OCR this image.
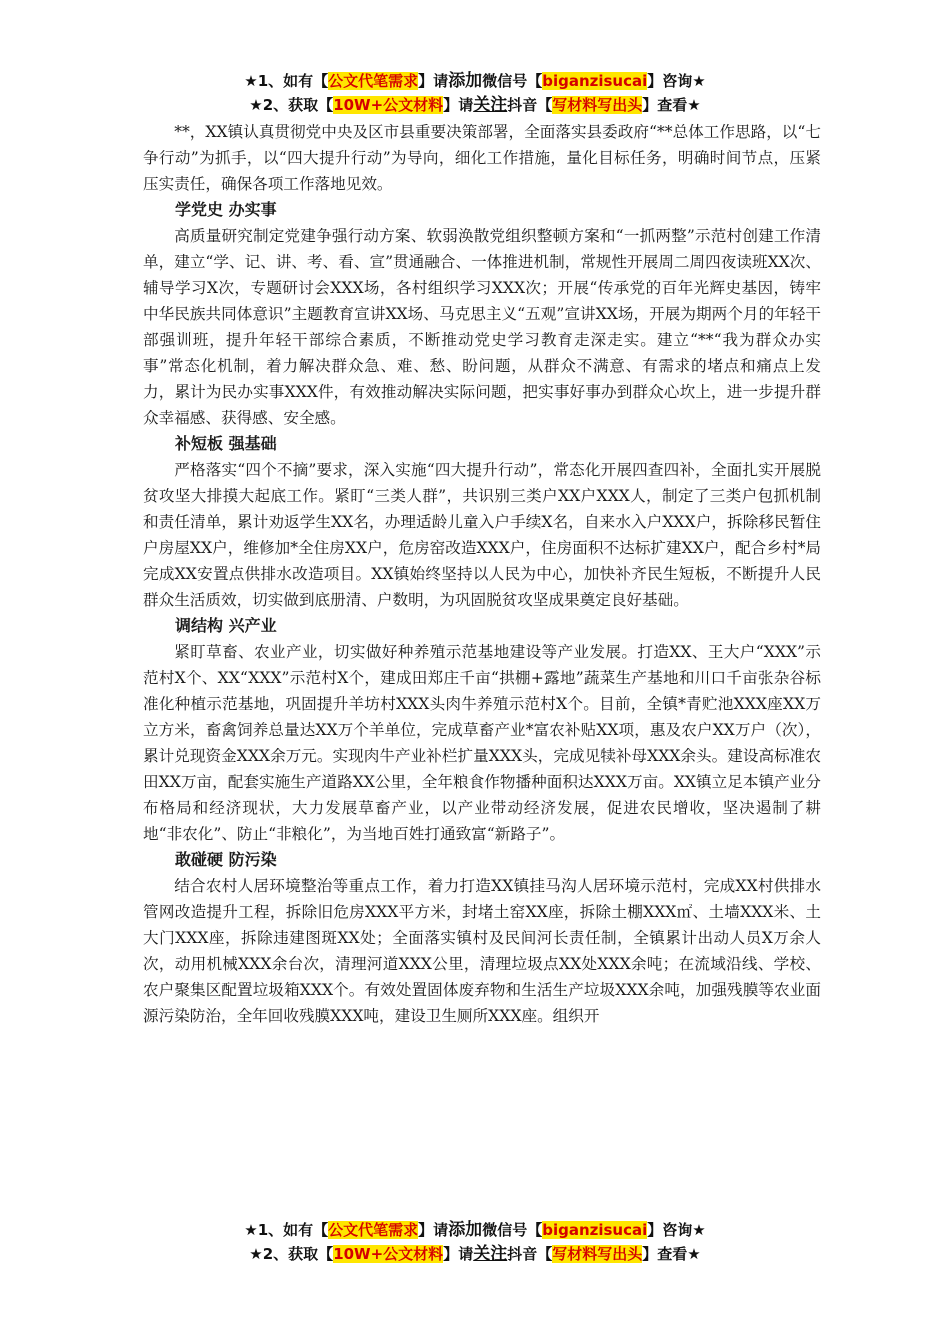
★1、如有【公文代笔需求】请添加微信号【biganzisucai】咨询★
★2、获取【10W+公文材料】请关注抖音【写材料写出头】查看★

**，XX镇认真贯彻党中央及区市县重要决策部署，全面落实县委政府“**总体工作思路，以“七争行动”为抓手，以“四大提升行动”为导向，细化工作措施，量化目标任务，明确时间节点，压紧压实责任，确保各项工作落地见效。

学党史 办实事

高质量研究制定党建争强行动方案、软弱涣散党组织整顿方案和“一抓两整”示范村创建工作清单，建立“学、记、讲、考、看、宣”贯通融合、一体推进机制，常规性开展周二周四夜读班XX次、辅导学习X次，专题研讨会XXX场，各村组织学习XXX次；开展“传承党的百年光辉史基因，铸牢中华民族共同体意识”主题教育宣讲XX场、马克思主义“五观”宣讲XX场，开展为期两个月的年轻干部强训班，提升年轻干部综合素质，不断推动党史学习教育走深走实。建立“**“我为群众办实事”常态化机制，着力解决群众急、难、愁、盼问题，从群众不满意、有需求的堵点和痛点上发力，累计为民办实事XXX件，有效推动解决实际问题，把实事好事办到群众心坎上，进一步提升群众幸福感、获得感、安全感。

补短板 强基础

严格落实“四个不摘”要求，深入实施“四大提升行动”，常态化开展四查四补，全面扎实开展脱贫攻坚大排摸大起底工作。紧盯“三类人群”，共识别三类户XX户XXX人，制定了三类户包抓机制和责任清单，累计劝返学生XX名，办理适龄儿童入户手续X名，自来水入户XXX户，拆除移民暂住户房屋XX户，维修加*全住房XX户，危房窑改造XXX户，住房面积不达标扩建XX户，配合乡村*局完成XX安置点供排水改造项目。XX镇始终坚持以人民为中心，加快补齐民生短板，不断提升人民群众生活质效，切实做到底册清、户数明，为巩固脱贫攻坚成果奠定良好基础。

调结构 兴产业

紧盯草畜、农业产业，切实做好种养殖示范基地建设等产业发展。打造XX、王大户“XXX”示范村X个、XX“XXX”示范村X个，建成田郑庄千亩“拱棚+露地”蔬菜生产基地和川口千亩张杂谷标准化种植示范基地，巩固提升羊坊村XXX头肉牛养殖示范村X个。目前，全镇*青贮池XXX座XX万立方米，畜禽饲养总量达XX万个羊单位，完成草畜产业*富农补贴XX项，惠及农户XX万户（次），累计兑现资金XXX余万元。实现肉牛产业补栏扩量XXX头，完成见犊补母XXX余头。建设高标准农田XX万亩，配套实施生产道路XX公里，全年粮食作物播种面积达XXX万亩。XX镇立足本镇产业分布格局和经济现状，大力发展草畜产业，以产业带动经济发展，促进农民增收，坚决遏制了耕地“非农化”、防止“非粮化”，为当地百姓打通致富“新路子”。

敢碰硬 防污染

结合农村人居环境整治等重点工作，着力打造XX镇挂马沟人居环境示范村，完成XX村供排水管网改造提升工程，拆除旧危房XXX平方米，封堵土窑XX座，拆除土棚XXX㎡、土墙XXX米、土大门XXX座，拆除违建图斑XX处；全面落实镇村及民间河长责任制，全镇累计出动人员X万余人次，动用机械XXX余台次，清理河道XXX公里，清理垃圾点XX处XXX余吨；在流域沿线、学校、农户聚集区配置垃圾箱XXX个。有效处置固体废弃物和生活生产垃圾XXX余吨，加强残膜等农业面源污染防治，全年回收残膜XXX吨，建设卫生厕所XXX座。组织开

★1、如有【公文代笔需求】请添加微信号【biganzisucai】咨询★
★2、获取【10W+公文材料】请关注抖音【写材料写出头】查看★
